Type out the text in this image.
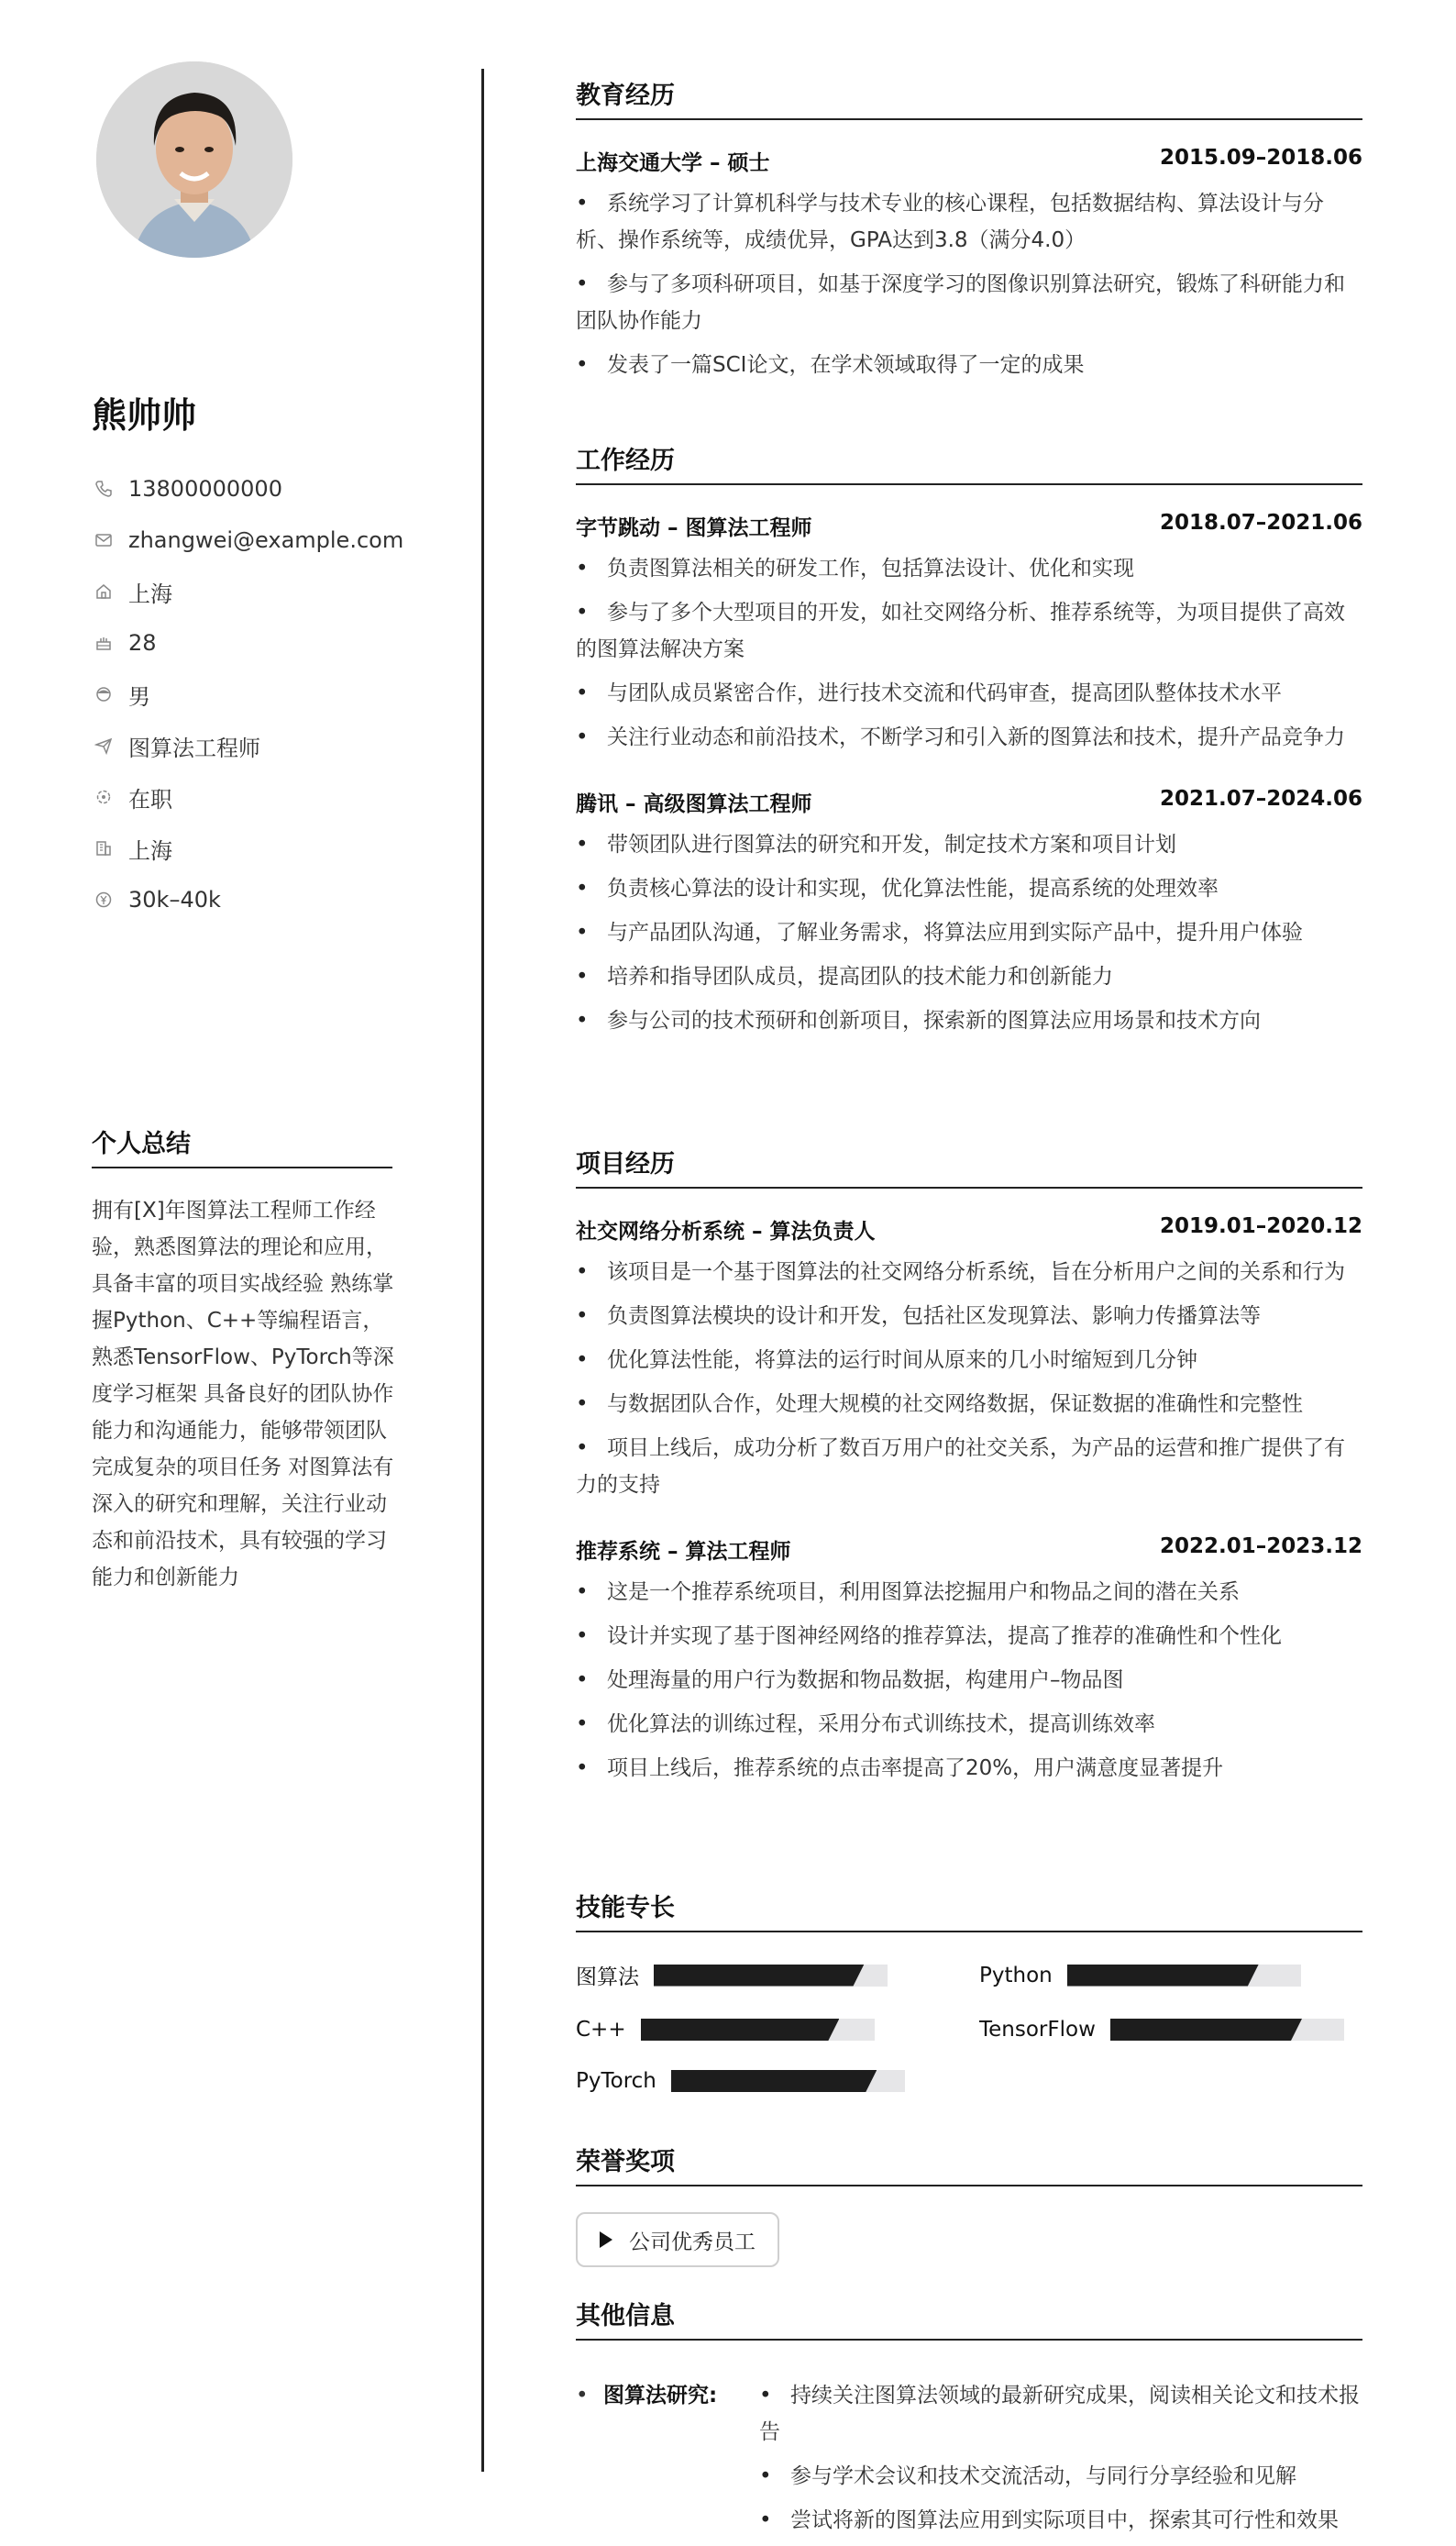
熊帅帅
13800000000
zhangwei@example.com
上海
28
男
图算法工程师
在职
上海
30k–40k
个人总结

拥有[X]年图算法工程师工作经验，熟悉图算法的理论和应用，具备丰富的项目实战经验 熟练掌握Python、C++等编程语言，熟悉TensorFlow、PyTorch等深度学习框架 具备良好的团队协作能力和沟通能力，能够带领团队完成复杂的项目任务 对图算法有深入的研究和理解，关注行业动态和前沿技术，具有较强的学习能力和创新能力

教育经历
上海交通大学 – 硕士	2015.09–2018.06
• 系统学习了计算机科学与技术专业的核心课程，包括数据结构、算法设计与分析、操作系统等，成绩优异，GPA达到3.8（满分4.0）
• 参与了多项科研项目，如基于深度学习的图像识别算法研究，锻炼了科研能力和团队协作能力
• 发表了一篇SCI论文，在学术领域取得了一定的成果
工作经历
字节跳动 – 图算法工程师	2018.07–2021.06
• 负责图算法相关的研发工作，包括算法设计、优化和实现
• 参与了多个大型项目的开发，如社交网络分析、推荐系统等，为项目提供了高效的图算法解决方案
• 与团队成员紧密合作，进行技术交流和代码审查，提高团队整体技术水平
• 关注行业动态和前沿技术，不断学习和引入新的图算法和技术，提升产品竞争力
腾讯 – 高级图算法工程师	2021.07–2024.06
• 带领团队进行图算法的研究和开发，制定技术方案和项目计划
• 负责核心算法的设计和实现，优化算法性能，提高系统的处理效率
• 与产品团队沟通，了解业务需求，将算法应用到实际产品中，提升用户体验
• 培养和指导团队成员，提高团队的技术能力和创新能力
• 参与公司的技术预研和创新项目，探索新的图算法应用场景和技术方向
项目经历
社交网络分析系统 – 算法负责人	2019.01–2020.12
• 该项目是一个基于图算法的社交网络分析系统，旨在分析用户之间的关系和行为
• 负责图算法模块的设计和开发，包括社区发现算法、影响力传播算法等
• 优化算法性能，将算法的运行时间从原来的几小时缩短到几分钟
• 与数据团队合作，处理大规模的社交网络数据，保证数据的准确性和完整性
• 项目上线后，成功分析了数百万用户的社交关系，为产品的运营和推广提供了有力的支持
推荐系统 – 算法工程师	2022.01–2023.12
• 这是一个推荐系统项目，利用图算法挖掘用户和物品之间的潜在关系
• 设计并实现了基于图神经网络的推荐算法，提高了推荐的准确性和个性化
• 处理海量的用户行为数据和物品数据，构建用户–物品图
• 优化算法的训练过程，采用分布式训练技术，提高训练效率
• 项目上线后，推荐系统的点击率提高了20%，用户满意度显著提升
技能专长
图算法	Python
C++	TensorFlow
PyTorch
荣誉奖项
公司优秀员工
其他信息
• 图算法研究:
•	持续关注图算法领域的最新研究成果，阅读相关论文和技术报告
• 参与学术会议和技术交流活动，与同行分享经验和见解
• 尝试将新的图算法应用到实际项目中，探索其可行性和效果
